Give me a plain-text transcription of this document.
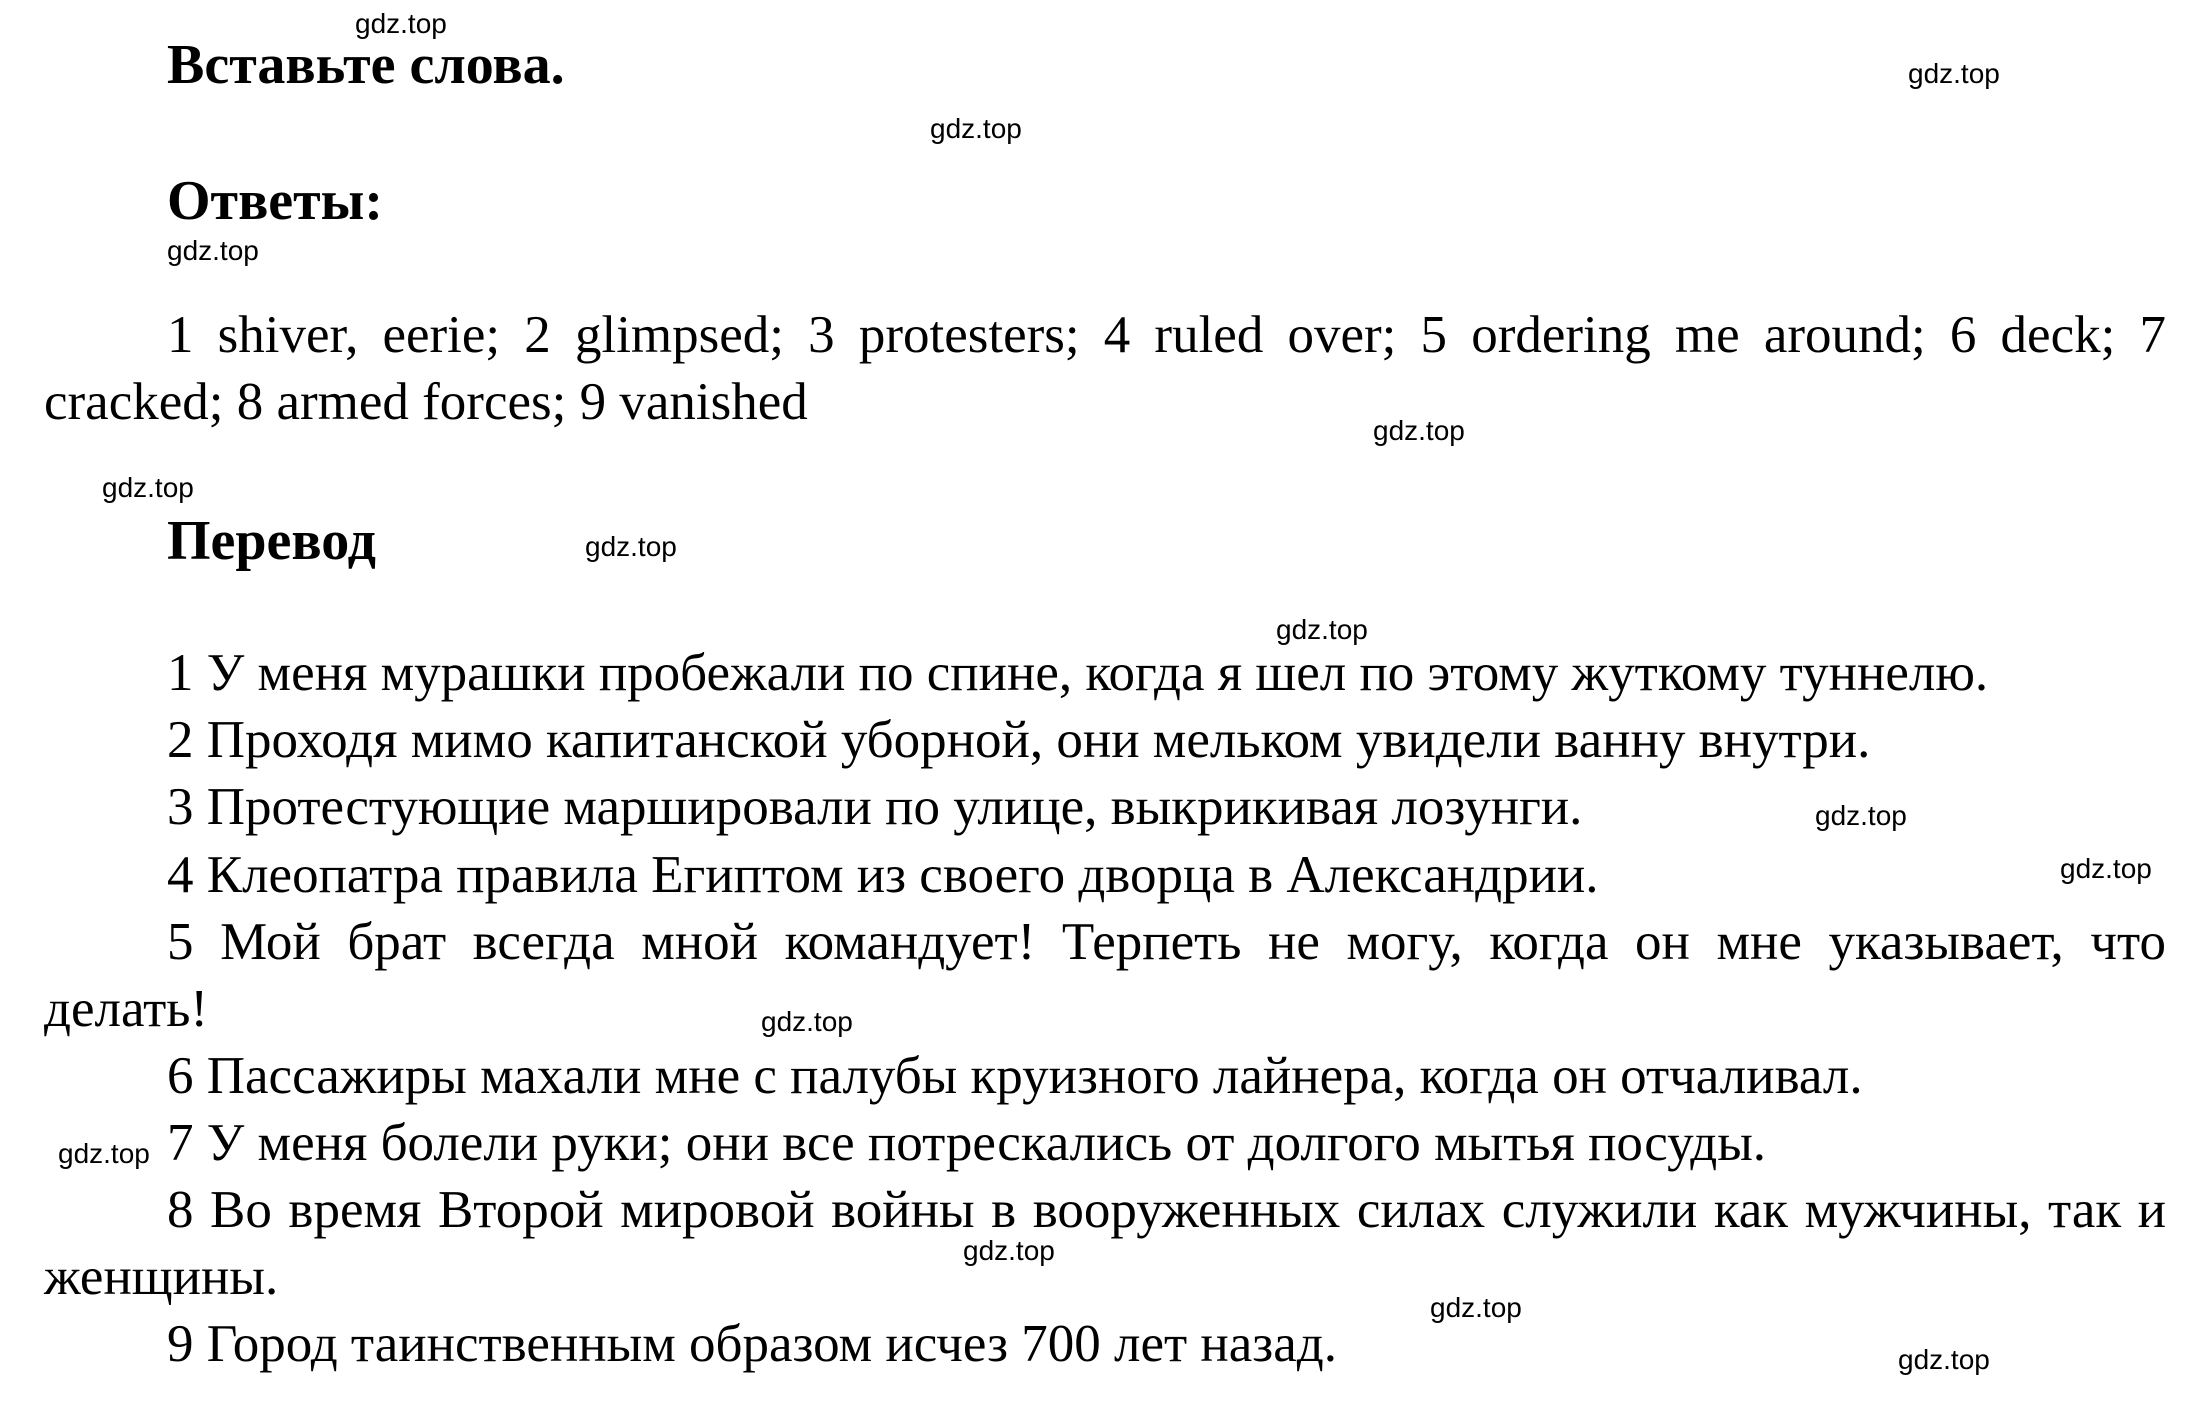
Вставьте слова.
Ответы:
1 shiver, eerie; 2 glimpsed; 3 protesters; 4 ruled over; 5 ordering me around; 6 deck; 7 cracked; 8 armed forces; 9 vanished
Перевод
1 У меня мурашки пробежали по спине, когда я шел по этому жуткому туннелю.
2 Проходя мимо капитанской уборной, они мельком увидели ванну внутри.
3 Протестующие маршировали по улице, выкрикивая лозунги.
4 Клеопатра правила Египтом из своего дворца в Александрии.
5 Мой брат всегда мной командует! Терпеть не могу, когда он мне указывает, что делать!
6 Пассажиры махали мне с палубы круизного лайнера, когда он отчаливал.
7 У меня болели руки; они все потрескались от долгого мытья посуды.
8 Во время Второй мировой войны в вооруженных силах служили как мужчины, так и женщины.
9 Город таинственным образом исчез 700 лет назад.
gdz.top
gdz.top
gdz.top
gdz.top
gdz.top
gdz.top
gdz.top
gdz.top
gdz.top
gdz.top
gdz.top
gdz.top
gdz.top
gdz.top
gdz.top
